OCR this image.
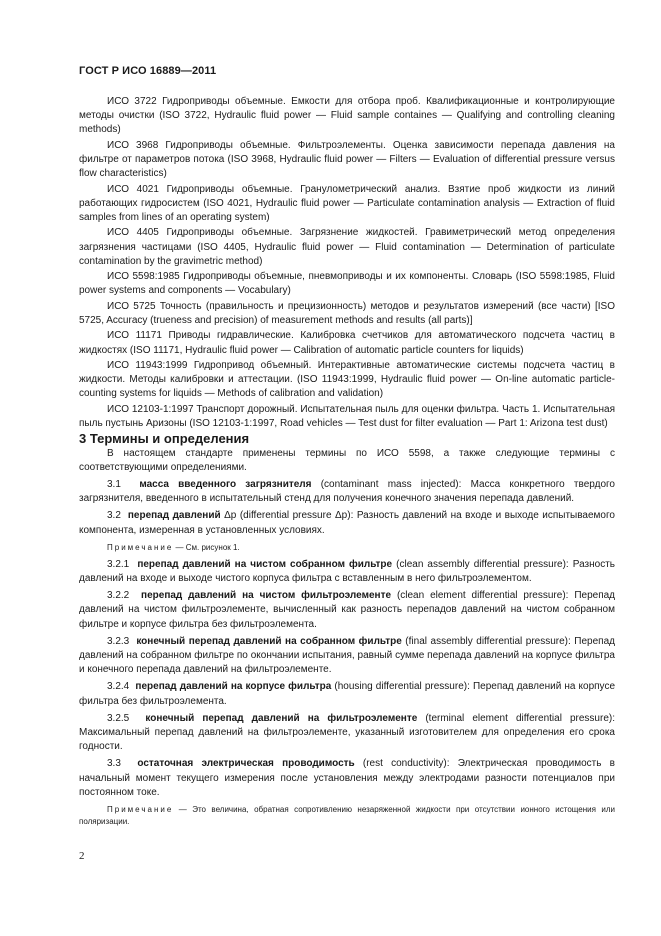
ГОСТ Р ИСО 16889—2011

ИСО 3722 Гидроприводы объемные. Емкости для отбора проб. Квалификационные и контролирующие методы очистки (ISO 3722, Hydraulic fluid power — Fluid sample containes — Qualifying and controlling cleaning methods)

ИСО 3968 Гидроприводы объемные. Фильтроэлементы. Оценка зависимости перепада давления на фильтре от параметров потока (ISO 3968, Hydraulic fluid power — Filters — Evaluation of differential pressure versus flow characteristics)

ИСО 4021 Гидроприводы объемные. Гранулометрический анализ. Взятие проб жидкости из линий работающих гидросистем (ISO 4021, Hydraulic fluid power — Particulate contamination analysis — Extraction of fluid samples from lines of an operating system)

ИСО 4405 Гидроприводы объемные. Загрязнение жидкостей. Гравиметрический метод определения загрязнения частицами (ISO 4405, Hydraulic fluid power — Fluid contamination — Determination of particulate contamination by the gravimetric method)

ИСО 5598:1985 Гидроприводы объемные, пневмоприводы и их компоненты. Словарь (ISO 5598:1985, Fluid power systems and components — Vocabulary)

ИСО 5725 Точность (правильность и прецизионность) методов и результатов измерений (все части) [ISO 5725, Accuracy (trueness and precision) of measurement methods and results (all parts)]

ИСО 11171 Приводы гидравлические. Калибровка счетчиков для автоматического подсчета частиц в жидкостях (ISO 11171, Hydraulic fluid power — Calibration of automatic particle counters for liquids)

ИСО 11943:1999 Гидропривод объемный. Интерактивные автоматические системы подсчета частиц в жидкости. Методы калибровки и аттестации. (ISO 11943:1999, Hydraulic fluid power — On-line automatic particle-counting systems for liquids — Methods of calibration and validation)

ИСО 12103-1:1997 Транспорт дорожный. Испытательная пыль для оценки фильтра. Часть 1. Испытательная пыль пустынь Аризоны (ISO 12103-1:1997, Road vehicles — Test dust for filter evaluation — Part 1: Arizona test dust)

3 Термины и определения

В настоящем стандарте применены термины по ИСО 5598, а также следующие термины с соответствующими определениями.

3.1 масса введенного загрязнителя (contaminant mass injected): Масса конкретного твердого загрязнителя, введенного в испытательный стенд для получения конечного значения перепада давлений.

3.2 перепад давлений Δp (differential pressure Δp): Разность давлений на входе и выходе испытываемого компонента, измеренная в установленных условиях.

Примечание — См. рисунок 1.

3.2.1 перепад давлений на чистом собранном фильтре (clean assembly differential pressure): Разность давлений на входе и выходе чистого корпуса фильтра с вставленным в него фильтроэлементом.

3.2.2 перепад давлений на чистом фильтроэлементе (clean element differential pressure): Перепад давлений на чистом фильтроэлементе, вычисленный как разность перепадов давлений на чистом собранном фильтре и корпусе фильтра без фильтроэлемента.

3.2.3 конечный перепад давлений на собранном фильтре (final assembly differential pressure): Перепад давлений на собранном фильтре по окончании испытания, равный сумме перепада давлений на корпусе фильтра и конечного перепада давлений на фильтроэлементе.

3.2.4 перепад давлений на корпусе фильтра (housing differential pressure): Перепад давлений на корпусе фильтра без фильтроэлемента.

3.2.5 конечный перепад давлений на фильтроэлементе (terminal element differential pressure): Максимальный перепад давлений на фильтроэлементе, указанный изготовителем для определения его срока годности.

3.3 остаточная электрическая проводимость (rest conductivity): Электрическая проводимость в начальный момент текущего измерения после установления между электродами разности потенциалов при постоянном токе.

Примечание — Это величина, обратная сопротивлению незаряженной жидкости при отсутствии ионного истощения или поляризации.

2
